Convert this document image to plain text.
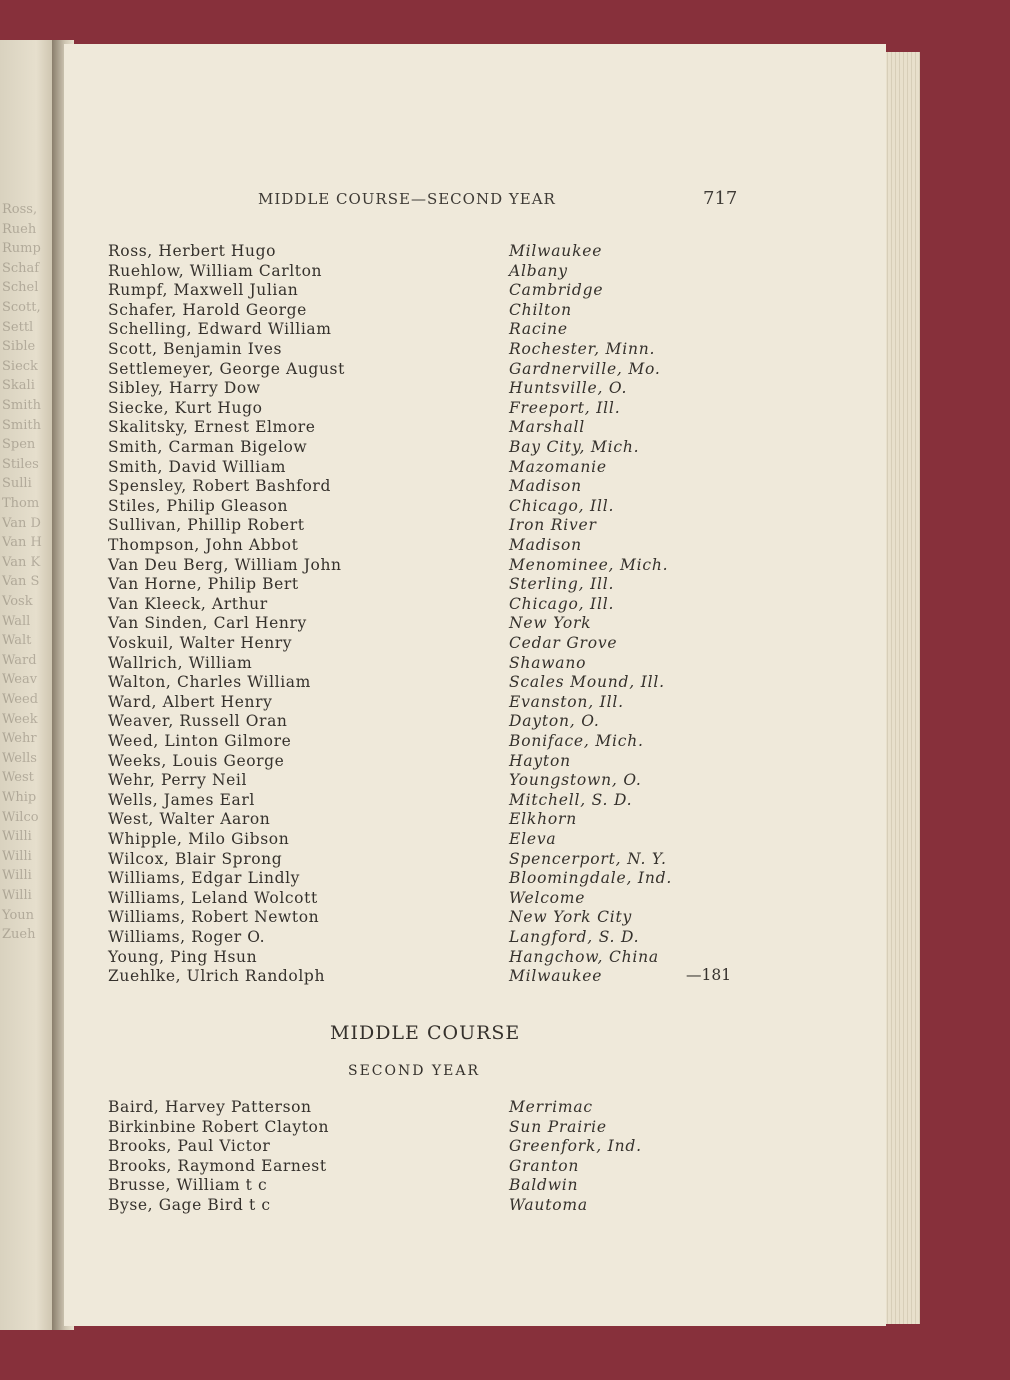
Ross,
Rueh
Rump
Schaf
Schel
Scott,
Settl
Sible
Sieck
Skali
Smith
Smith
Spen
Stiles
Sulli
Thom
Van D
Van H
Van K
Van S
Vosk
Wall
Walt
Ward
Weav
Weed
Week
Wehr
Wells
West
Whip
Wilco
Willi
Willi
Willi
Willi
Youn
Zueh
MIDDLE COURSE—SECOND YEAR	717
Ross, Herbert Hugo	Milwaukee
Ruehlow, William Carlton	Albany
Rumpf, Maxwell Julian	Cambridge
Schafer, Harold George	Chilton
Schelling, Edward William	Racine
Scott, Benjamin Ives	Rochester, Minn.
Settlemeyer, George August	Gardnerville, Mo.
Sibley, Harry Dow	Huntsville, O.
Siecke, Kurt Hugo	Freeport, Ill.
Skalitsky, Ernest Elmore	Marshall
Smith, Carman Bigelow	Bay City, Mich.
Smith, David William	Mazomanie
Spensley, Robert Bashford	Madison
Stiles, Philip Gleason	Chicago, Ill.
Sullivan, Phillip Robert	Iron River
Thompson, John Abbot	Madison
Van Deu Berg, William John	Menominee, Mich.
Van Horne, Philip Bert	Sterling, Ill.
Van Kleeck, Arthur	Chicago, Ill.
Van Sinden, Carl Henry	New York
Voskuil, Walter Henry	Cedar Grove
Wallrich, William	Shawano
Walton, Charles William	Scales Mound, Ill.
Ward, Albert Henry	Evanston, Ill.
Weaver, Russell Oran	Dayton, O.
Weed, Linton Gilmore	Boniface, Mich.
Weeks, Louis George	Hayton
Wehr, Perry Neil	Youngstown, O.
Wells, James Earl	Mitchell, S. D.
West, Walter Aaron	Elkhorn
Whipple, Milo Gibson	Eleva
Wilcox, Blair Sprong	Spencerport, N. Y.
Williams, Edgar Lindly	Bloomingdale, Ind.
Williams, Leland Wolcott	Welcome
Williams, Robert Newton	New York City
Williams, Roger O.	Langford, S. D.
Young, Ping Hsun	Hangchow, China
Zuehlke, Ulrich Randolph	Milwaukee	—181
MIDDLE COURSE
SECOND YEAR
Baird, Harvey Patterson	Merrimac
Birkinbine Robert Clayton	Sun Prairie
Brooks, Paul Victor	Greenfork, Ind.
Brooks, Raymond Earnest	Granton
Brusse, William t c	Baldwin
Byse, Gage Bird t c	Wautoma
